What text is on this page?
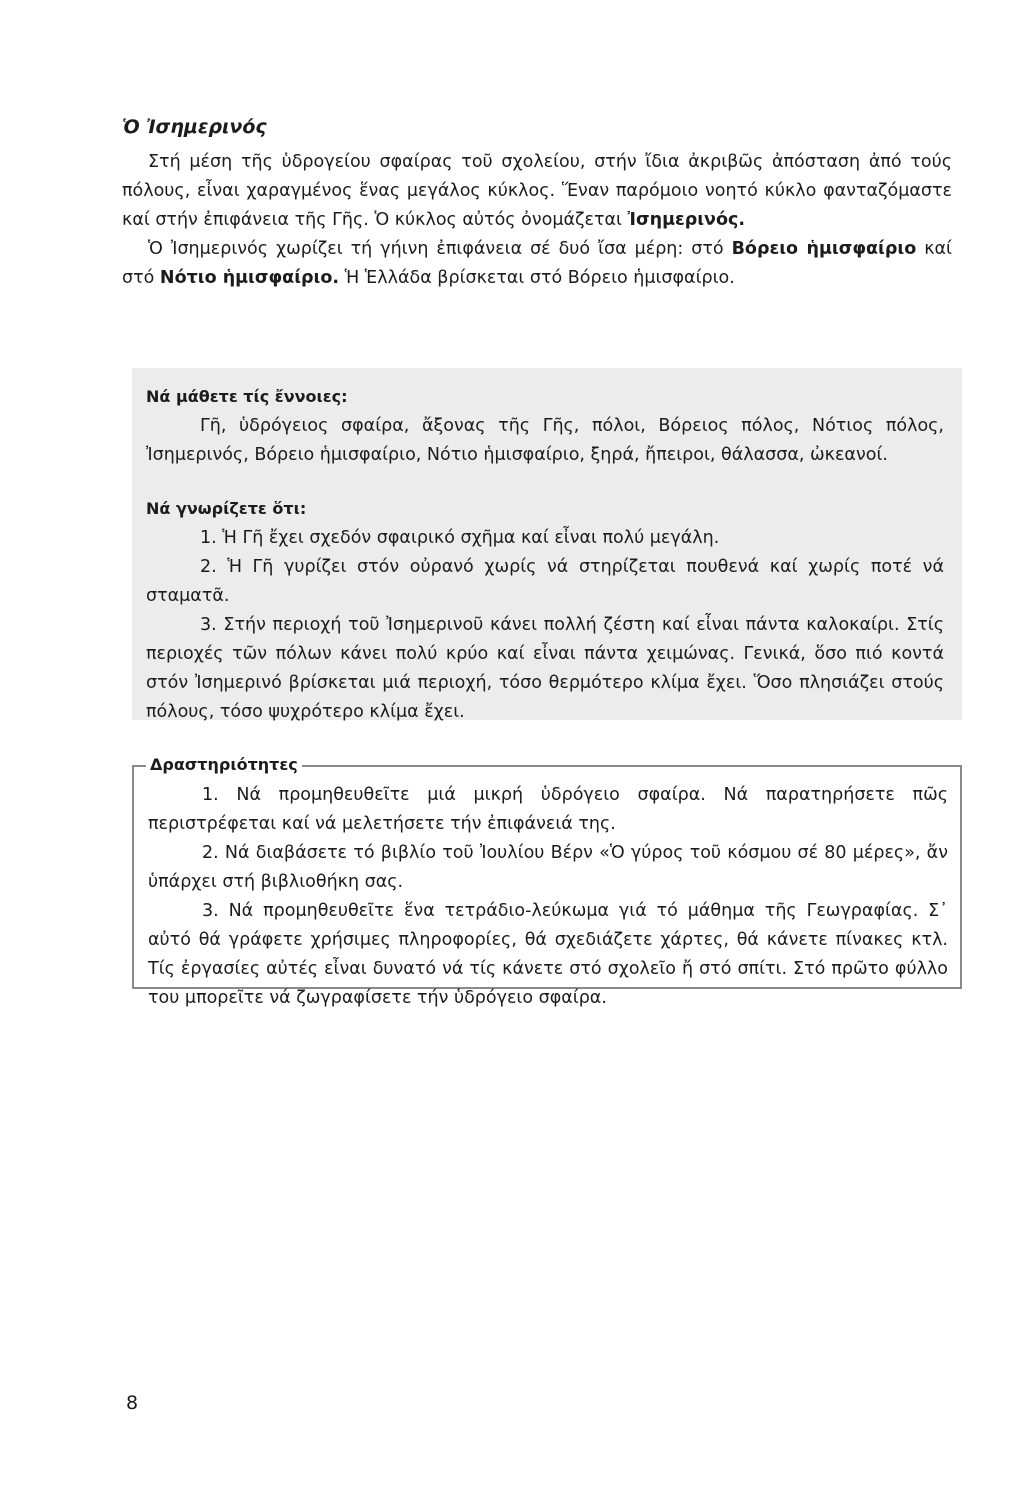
Ὁ Ἰσημερινός

Στή μέση τῆς ὑδρογείου σφαίρας τοῦ σχολείου, στήν ἴδια ἀκριβῶς ἀπόσταση ἀπό τούς πόλους, εἶναι χαραγμένος ἕνας μεγάλος κύκλος. Ἕναν παρόμοιο νοητό κύκλο φανταζόμαστε καί στήν ἐπιφάνεια τῆς Γῆς. Ὁ κύκλος αὐτός ὀνομάζεται Ἰσημερινός.

Ὁ Ἰσημερινός χωρίζει τή γήινη ἐπιφάνεια σέ δυό ἴσα μέρη: στό Βόρειο ἡμισφαίριο καί στό Νότιο ἡμισφαίριο. Ἡ Ἑλλάδα βρίσκεται στό Βόρειο ἡμισφαίριο.

Νά μάθετε τίς ἔννοιες:

Γῆ, ὑδρόγειος σφαίρα, ἄξονας τῆς Γῆς, πόλοι, Βόρειος πόλος, Νότιος πόλος, Ἰσημερινός, Βόρειο ἡμισφαίριο, Νότιο ἡμισφαίριο, ξηρά, ἤπειροι, θάλασσα, ὠκεανοί.

Νά γνωρίζετε ὅτι:

1. Ἡ Γῆ ἔχει σχεδόν σφαιρικό σχῆμα καί εἶναι πολύ μεγάλη.

2. Ἡ Γῆ γυρίζει στόν οὐρανό χωρίς νά στηρίζεται πουθενά καί χωρίς ποτέ νά σταματᾶ.

3. Στήν περιοχή τοῦ Ἰσημερινοῦ κάνει πολλή ζέστη καί εἶναι πάντα καλοκαίρι. Στίς περιοχές τῶν πόλων κάνει πολύ κρύο καί εἶναι πάντα χειμώνας. Γενικά, ὅσο πιό κοντά στόν Ἰσημερινό βρίσκεται μιά περιοχή, τόσο θερμότερο κλίμα ἔχει. Ὅσο πλησιάζει στούς πόλους, τόσο ψυχρότερο κλίμα ἔχει.

Δραστηριότητες

1. Νά προμηθευθεῖτε μιά μικρή ὑδρόγειο σφαίρα. Νά παρατηρήσετε πῶς περιστρέφεται καί νά μελετήσετε τήν ἐπιφάνειά της.

2. Νά διαβάσετε τό βιβλίο τοῦ Ἰουλίου Βέρν «Ὁ γύρος τοῦ κόσμου σέ 80 μέρες», ἄν ὑπάρχει στή βιβλιοθήκη σας.

3. Νά προμηθευθεῖτε ἕνα τετράδιο-λεύκωμα γιά τό μάθημα τῆς Γεωγραφίας. Σ᾽ αὐτό θά γράφετε χρήσιμες πληροφορίες, θά σχεδιάζετε χάρτες, θά κάνετε πίνακες κτλ. Τίς ἐργασίες αὐτές εἶναι δυνατό νά τίς κάνετε στό σχολεῖο ἤ στό σπίτι. Στό πρῶτο φύλλο του μπορεῖτε νά ζωγραφίσετε τήν ὑδρόγειο σφαίρα.

8
